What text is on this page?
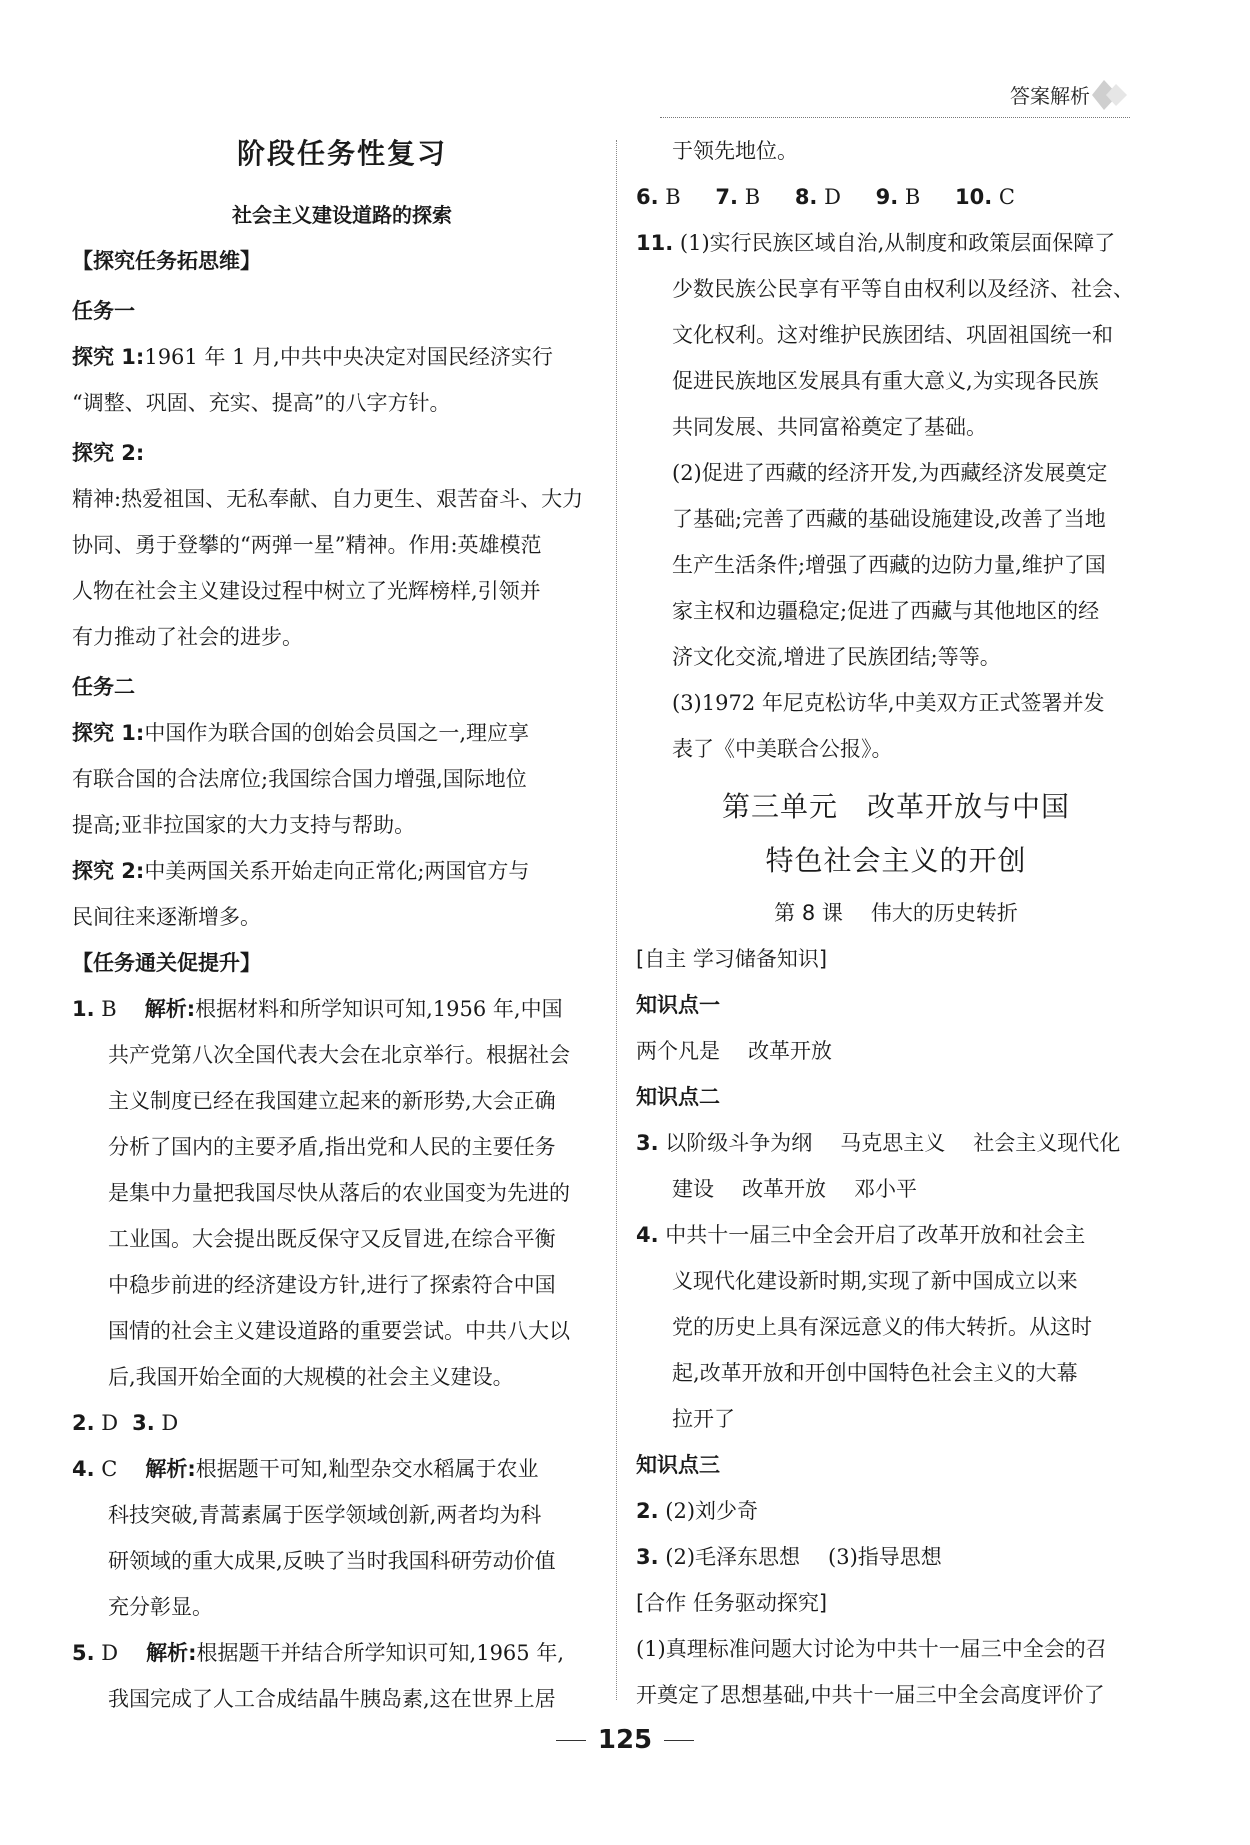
答案解析
阶段任务性复习
社会主义建设道路的探索
【探究任务拓思维】
任务一
探究 1:1961 年 1 月,中共中央决定对国民经济实行
“调整、巩固、充实、提高”的八字方针。
探究 2:
精神:热爱祖国、无私奉献、自力更生、艰苦奋斗、大力
协同、勇于登攀的“两弹一星”精神。作用:英雄模范
人物在社会主义建设过程中树立了光辉榜样,引领并
有力推动了社会的进步。
任务二
探究 1:中国作为联合国的创始会员国之一,理应享
有联合国的合法席位;我国综合国力增强,国际地位
提高;亚非拉国家的大力支持与帮助。
探究 2:中美两国关系开始走向正常化;两国官方与
民间往来逐渐增多。
【任务通关促提升】
1. B 解析:根据材料和所学知识可知,1956 年,中国
共产党第八次全国代表大会在北京举行。根据社会
主义制度已经在我国建立起来的新形势,大会正确
分析了国内的主要矛盾,指出党和人民的主要任务
是集中力量把我国尽快从落后的农业国变为先进的
工业国。大会提出既反保守又反冒进,在综合平衡
中稳步前进的经济建设方针,进行了探索符合中国
国情的社会主义建设道路的重要尝试。中共八大以
后,我国开始全面的大规模的社会主义建设。
2. D 3. D
4. C 解析:根据题干可知,籼型杂交水稻属于农业
科技突破,青蒿素属于医学领域创新,两者均为科
研领域的重大成果,反映了当时我国科研劳动价值
充分彰显。
5. D 解析:根据题干并结合所学知识可知,1965 年,
我国完成了人工合成结晶牛胰岛素,这在世界上居
于领先地位。
6. B 7. B 8. D 9. B 10. C
11. (1)实行民族区域自治,从制度和政策层面保障了
少数民族公民享有平等自由权利以及经济、社会、
文化权利。这对维护民族团结、巩固祖国统一和
促进民族地区发展具有重大意义,为实现各民族
共同发展、共同富裕奠定了基础。
(2)促进了西藏的经济开发,为西藏经济发展奠定
了基础;完善了西藏的基础设施建设,改善了当地
生产生活条件;增强了西藏的边防力量,维护了国
家主权和边疆稳定;促进了西藏与其他地区的经
济文化交流,增进了民族团结;等等。
(3)1972 年尼克松访华,中美双方正式签署并发
表了《中美联合公报》。
第三单元　改革开放与中国
特色社会主义的开创
第 8 课 伟大的历史转折
[自主 学习储备知识]
知识点一
两个凡是 改革开放
知识点二
3. 以阶级斗争为纲 马克思主义 社会主义现代化
建设 改革开放 邓小平
4. 中共十一届三中全会开启了改革开放和社会主
义现代化建设新时期,实现了新中国成立以来
党的历史上具有深远意义的伟大转折。从这时
起,改革开放和开创中国特色社会主义的大幕
拉开了
知识点三
2. (2)刘少奇
3. (2)毛泽东思想 (3)指导思想
[合作 任务驱动探究]
(1)真理标准问题大讨论为中共十一届三中全会的召
开奠定了思想基础,中共十一届三中全会高度评价了
125
